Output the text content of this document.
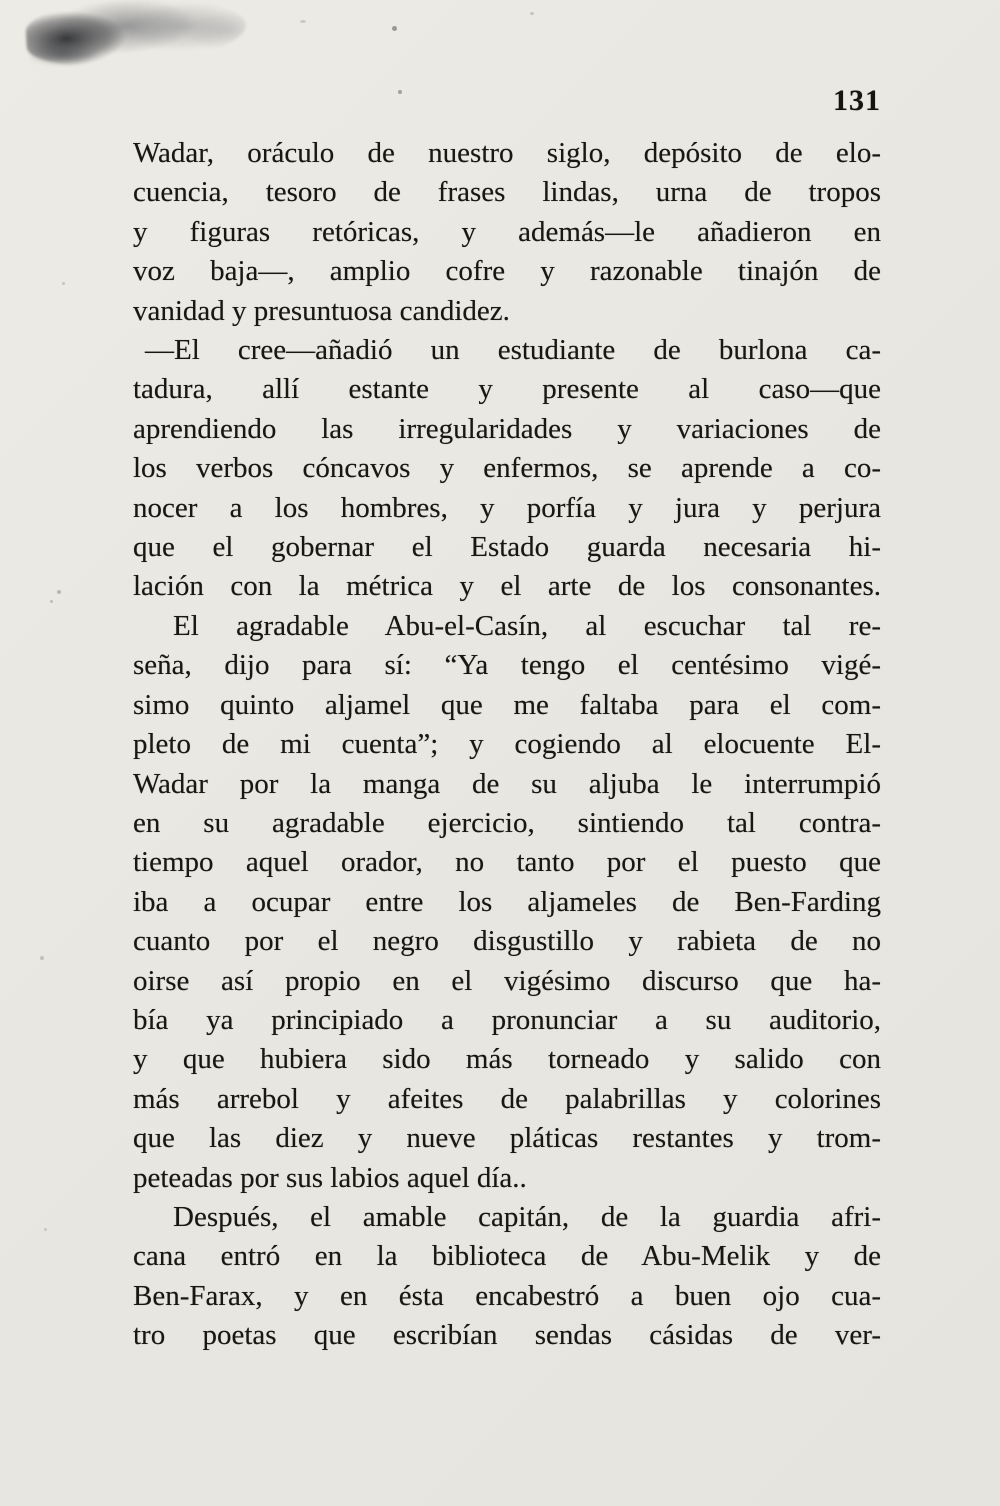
131
Wadar, oráculo de nuestro siglo, depósito de elo-
cuencia, tesoro de frases lindas, urna de tropos
y figuras retóricas, y además—le añadieron en
voz baja—, amplio cofre y razonable tinajón de
vanidad y presuntuosa candidez.
—El cree—añadió un estudiante de burlona ca-
tadura, allí estante y presente al caso—que
aprendiendo las irregularidades y variaciones de
los verbos cóncavos y enfermos, se aprende a co-
nocer a los hombres, y porfía y jura y perjura
que el gobernar el Estado guarda necesaria hi-
lación con la métrica y el arte de los consonantes.
El agradable Abu-el-Casín, al escuchar tal re-
seña, dijo para sí: “Ya tengo el centésimo vigé-
simo quinto aljamel que me faltaba para el com-
pleto de mi cuenta”; y cogiendo al elocuente El-
Wadar por la manga de su aljuba le interrumpió
en su agradable ejercicio, sintiendo tal contra-
tiempo aquel orador, no tanto por el puesto que
iba a ocupar entre los aljameles de Ben-Farding
cuanto por el negro disgustillo y rabieta de no
oirse así propio en el vigésimo discurso que ha-
bía ya principiado a pronunciar a su auditorio,
y que hubiera sido más torneado y salido con
más arrebol y afeites de palabrillas y colorines
que las diez y nueve pláticas restantes y trom-
peteadas por sus labios aquel día..
Después, el amable capitán, de la guardia afri-
cana entró en la biblioteca de Abu-Melik y de
Ben-Farax, y en ésta encabestró a buen ojo cua-
tro poetas que escribían sendas cásidas de ver-
